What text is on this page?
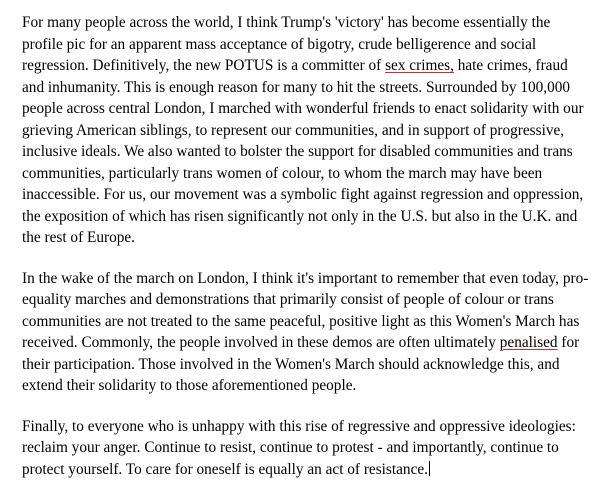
For many people across the world, I think Trump's 'victory' has become essentially the profile pic for an apparent mass acceptance of bigotry, crude belligerence and social regression. Definitively, the new POTUS is a committer of sex crimes, hate crimes, fraud and inhumanity. This is enough reason for many to hit the streets. Surrounded by 100,000 people across central London, I marched with wonderful friends to enact solidarity with our grieving American siblings, to represent our communities, and in support of progressive, inclusive ideals. We also wanted to bolster the support for disabled communities and trans communities, particularly trans women of colour, to whom the march may have been inaccessible. For us, our movement was a symbolic fight against regression and oppression, the exposition of which has risen significantly not only in the U.S. but also in the U.K. and the rest of Europe.

In the wake of the march on London, I think it's important to remember that even today, pro-equality marches and demonstrations that primarily consist of people of colour or trans communities are not treated to the same peaceful, positive light as this Women's March has received. Commonly, the people involved in these demos are often ultimately penalised for their participation. Those involved in the Women's March should acknowledge this, and extend their solidarity to those aforementioned people.

Finally, to everyone who is unhappy with this rise of regressive and oppressive ideologies: reclaim your anger. Continue to resist, continue to protest - and importantly, continue to protect yourself. To care for oneself is equally an act of resistance.
